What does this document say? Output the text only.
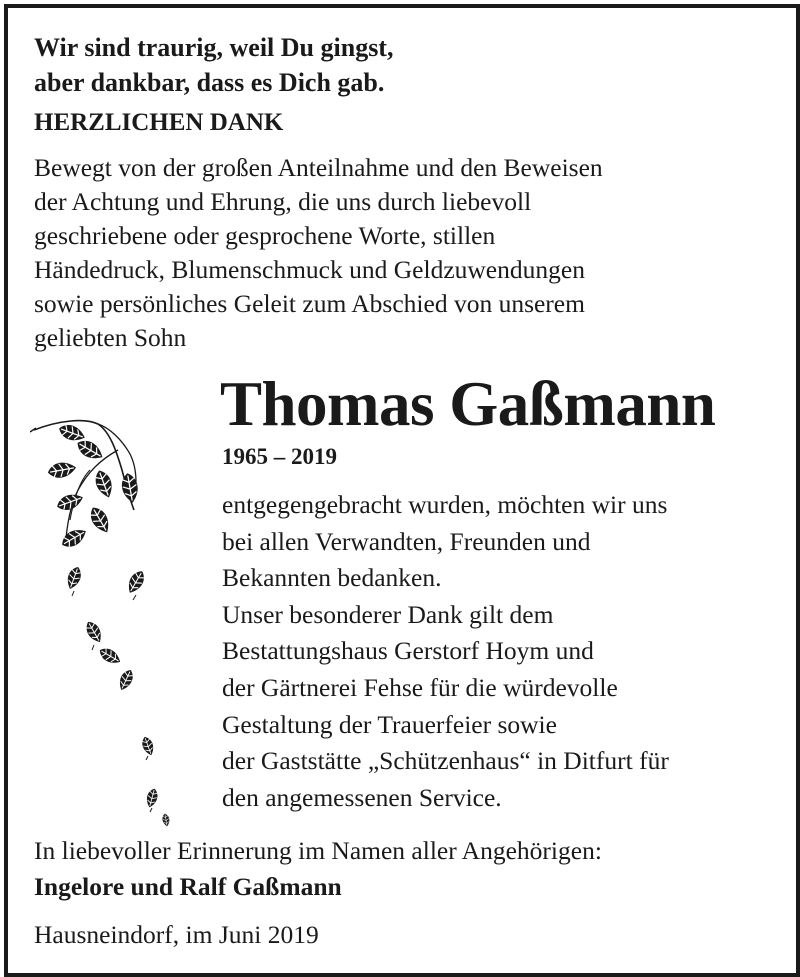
Wir sind traurig, weil Du gingst,
aber dankbar, dass es Dich gab.

HERZLICHEN DANK

Bewegt von der großen Anteilnahme und den Beweisen
der Achtung und Ehrung, die uns durch liebevoll
geschriebene oder gesprochene Worte, stillen
Händedruck, Blumenschmuck und Geldzuwendungen
sowie persönliches Geleit zum Abschied von unserem
geliebten Sohn

Thomas Gaßmann

1965 – 2019

entgegengebracht wurden, möchten wir uns
bei allen Verwandten, Freunden und
Bekannten bedanken.
Unser besonderer Dank gilt dem
Bestattungshaus Gerstorf Hoym und
der Gärtnerei Fehse für die würdevolle
Gestaltung der Trauerfeier sowie
der Gaststätte „Schützenhaus“ in Ditfurt für
den angemessenen Service.

In liebevoller Erinnerung im Namen aller Angehörigen:

Ingelore und Ralf Gaßmann

Hausneindorf, im Juni 2019
